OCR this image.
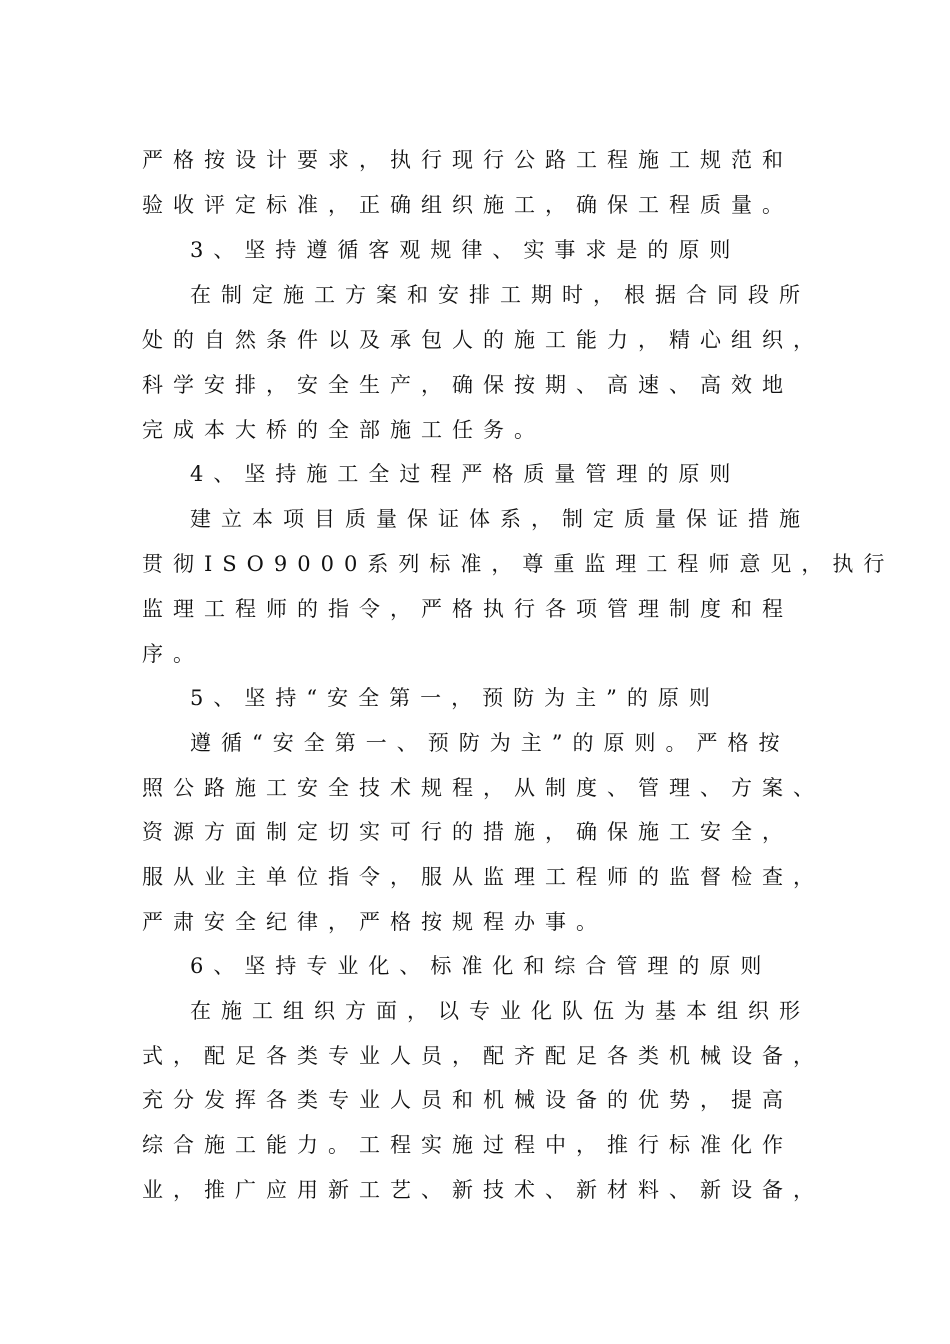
严格按设计要求，执行现行公路工程施工规范和
验收评定标准，正确组织施工，确保工程质量。
3、坚持遵循客观规律、实事求是的原则
在制定施工方案和安排工期时，根据合同段所
处的自然条件以及承包人的施工能力，精心组织，
科学安排，安全生产，确保按期、高速、高效地
完成本大桥的全部施工任务。
4、坚持施工全过程严格质量管理的原则
建立本项目质量保证体系，制定质量保证措施
贯彻ISO9000系列标准，尊重监理工程师意见，执行
监理工程师的指令，严格执行各项管理制度和程
序。
5、坚持“安全第一，预防为主”的原则
遵循“安全第一、预防为主”的原则。严格按
照公路施工安全技术规程，从制度、管理、方案、
资源方面制定切实可行的措施，确保施工安全，
服从业主单位指令，服从监理工程师的监督检查，
严肃安全纪律，严格按规程办事。
6、坚持专业化、标准化和综合管理的原则
在施工组织方面，以专业化队伍为基本组织形
式，配足各类专业人员，配齐配足各类机械设备，
充分发挥各类专业人员和机械设备的优势，提高
综合施工能力。工程实施过程中，推行标准化作
业，推广应用新工艺、新技术、新材料、新设备，
